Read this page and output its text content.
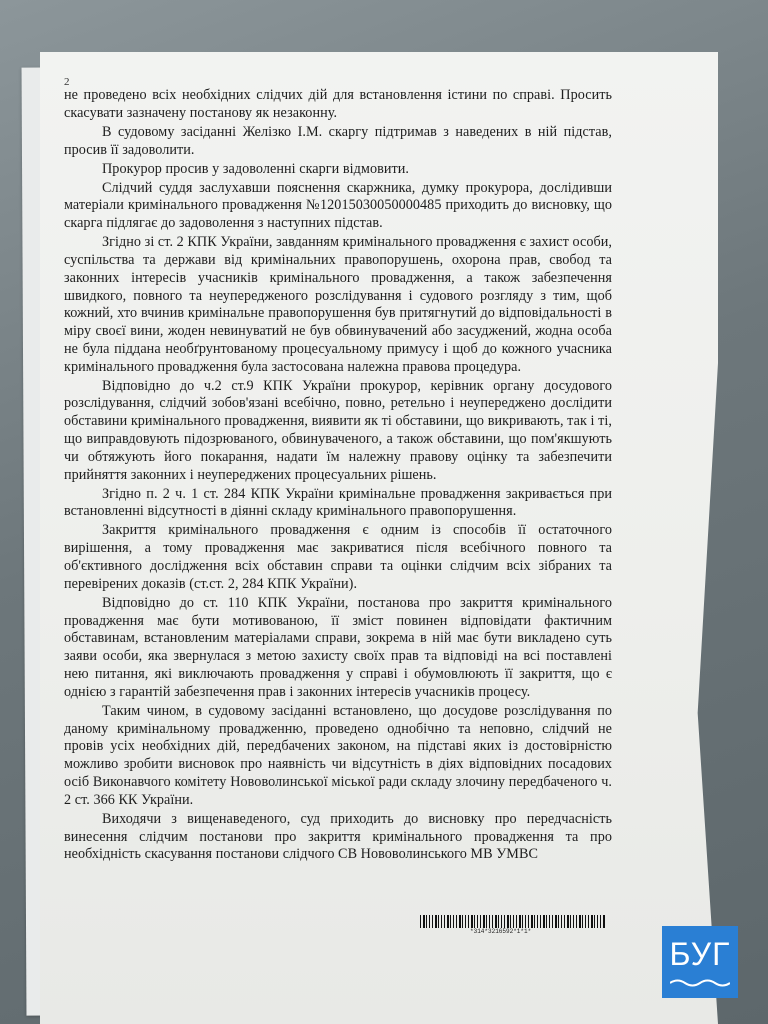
2

не проведено всіх необхідних слідчих дій для встановлення істини по справі. Просить скасувати зазначену постанову як незаконну.

В судовому засіданні Желізко І.М. скаргу підтримав з наведених в ній підстав, просив її задоволити.

Прокурор просив у задоволенні скарги відмовити.

Слідчий суддя заслухавши пояснення скаржника, думку прокурора, дослідивши матеріали кримінального провадження №12015030050000485 приходить до висновку, що скарга підлягає до задоволення з наступних підстав.

Згідно зі ст. 2 КПК України, завданням кримінального провадження є захист особи, суспільства та держави від кримінальних правопорушень, охорона прав, свобод та законних інтересів учасників кримінального провадження, а також забезпечення швидкого, повного та неупередженого розслідування і судового розгляду з тим, щоб кожний, хто вчинив кримінальне правопорушення був притягнутий до відповідальності в міру своєї вини, жоден невинуватий не був обвинувачений або засуджений, жодна особа не була піддана необґрунтованому процесуальному примусу і щоб до кожного учасника кримінального провадження була застосована належна правова процедура.

Відповідно до ч.2 ст.9 КПК України прокурор, керівник органу досудового розслідування, слідчий зобов'язані всебічно, повно, ретельно і неупереджено дослідити обставини кримінального провадження, виявити як ті обставини, що викривають, так і ті, що виправдовують підозрюваного, обвинуваченого, а також обставини, що пом'якшують чи обтяжують його покарання, надати їм належну правову оцінку та забезпечити прийняття законних і неупереджених процесуальних рішень.

Згідно п. 2 ч. 1 ст. 284 КПК України кримінальне провадження закривається при встановленні відсутності в діянні складу кримінального правопорушення.

Закриття кримінального провадження є одним із способів її остаточного вирішення, а тому провадження має закриватися після всебічного повного та об'єктивного дослідження всіх обставин справи та оцінки слідчим всіх зібраних та перевірених доказів (ст.ст. 2, 284 КПК України).

Відповідно до ст. 110 КПК України, постанова про закриття кримінального провадження має бути мотивованою, її зміст повинен відповідати фактичним обставинам, встановленим матеріалами справи, зокрема в ній має бути викладено суть заяви особи, яка звернулася з метою захисту своїх прав та відповіді на всі поставлені нею питання, які виключають провадження у справі і обумовлюють її закриття, що є однією з гарантій забезпечення прав і законних інтересів учасників процесу.

Таким чином, в судовому засіданні встановлено, що досудове розслідування по даному кримінальному провадженню, проведено однобічно та неповно, слідчий не провів усіх необхідних дій, передбачених законом, на підставі яких із достовірністю можливо зробити висновок про наявність чи відсутність в діях відповідних посадових осіб Виконавчого комітету Нововолинської міської ради складу злочину передбаченого ч. 2 ст. 366 КК України.

Виходячи з вищенаведеного, суд приходить до висновку про передчасність винесення слідчим постанови про закриття кримінального провадження та про необхідність скасування постанови слідчого СВ Нововолинського МВ УМВС

*314*3216592*1*1*
БУГ
